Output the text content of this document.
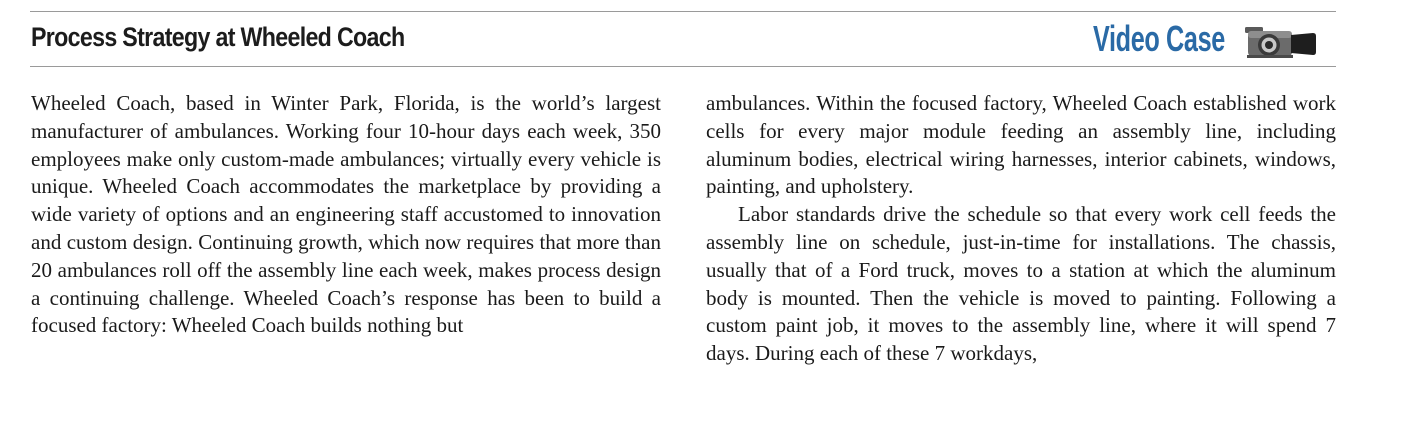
Process Strategy at Wheeled Coach	Video Case

Wheeled Coach, based in Winter Park, Florida, is the world’s largest manufacturer of ambulances. Working four 10-hour days each week, 350 employees make only custom-made ambulances; virtually every vehicle is unique. Wheeled Coach accommodates the marketplace by providing a wide variety of options and an engineering staff accustomed to innovation and custom design. Continuing growth, which now requires that more than 20 ambulances roll off the assembly line each week, makes process design a continuing challenge. Wheeled Coach’s response has been to build a focused factory: Wheeled Coach builds nothing but

ambulances. Within the focused factory, Wheeled Coach established work cells for every major module feeding an assembly line, including aluminum bodies, electrical wiring harnesses, interior cabinets, windows, painting, and upholstery.

Labor standards drive the schedule so that every work cell feeds the assembly line on schedule, just-in-time for installations. The chassis, usually that of a Ford truck, moves to a station at which the aluminum body is mounted. Then the vehicle is moved to painting. Following a custom paint job, it moves to the assembly line, where it will spend 7 days. During each of these 7 workdays,
